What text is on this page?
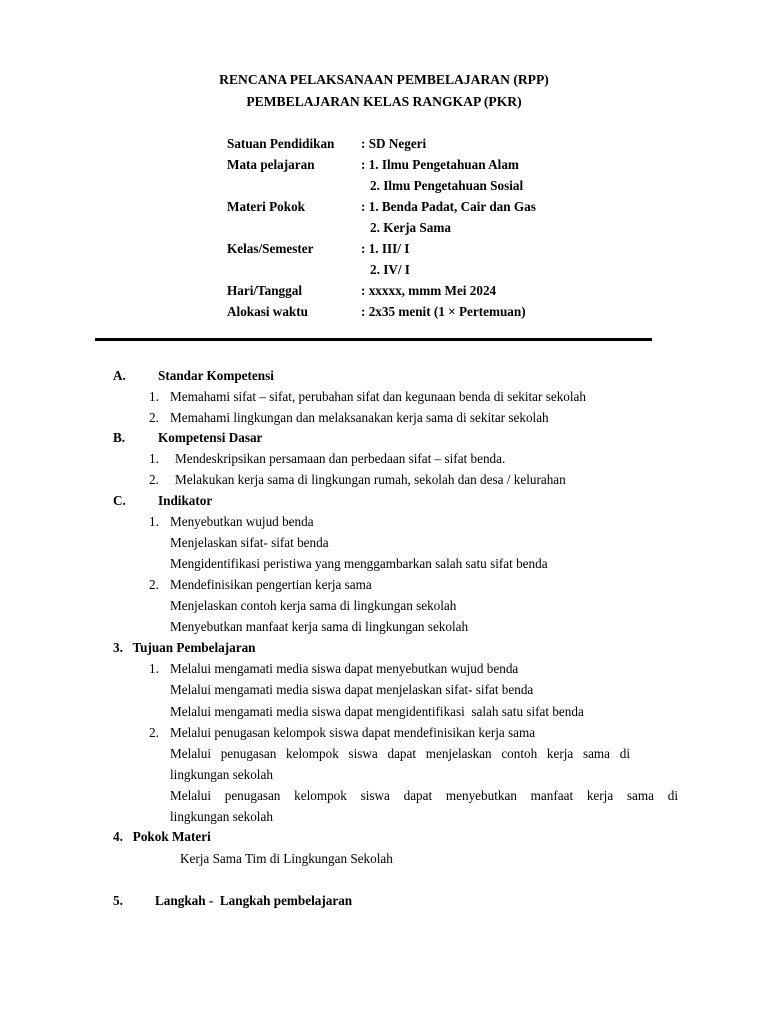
RENCANA PELAKSANAAN PEMBELAJARAN (RPP)
PEMBELAJARAN KELAS RANGKAP (PKR)
Satuan Pendidikan : SD Negeri
Mata pelajaran	: 1. Ilmu Pengetahuan Alam
2. Ilmu Pengetahuan Sosial
Materi Pokok	: 1. Benda Padat, Cair dan Gas
2. Kerja Sama
Kelas/Semester	: 1. III/ I
2. IV/ I
Hari/Tanggal	: xxxxx, mmm Mei 2024
Alokasi waktu	: 2x35 menit (1 × Pertemuan)
A. Standar Kompetensi
1. Memahami sifat – sifat, perubahan sifat dan kegunaan benda di sekitar sekolah
2. Memahami lingkungan dan melaksanakan kerja sama di sekitar sekolah
B. Kompetensi Dasar
1. Mendeskripsikan persamaan dan perbedaan sifat – sifat benda.
2. Melakukan kerja sama di lingkungan rumah, sekolah dan desa / kelurahan
C. Indikator
1. Menyebutkan wujud benda
Menjelaskan sifat- sifat benda
Mengidentifikasi peristiwa yang menggambarkan salah satu sifat benda
2. Mendefinisikan pengertian kerja sama
Menjelaskan contoh kerja sama di lingkungan sekolah
Menyebutkan manfaat kerja sama di lingkungan sekolah
3.   Tujuan Pembelajaran
1. Melalui mengamati media siswa dapat menyebutkan wujud benda
Melalui mengamati media siswa dapat menjelaskan sifat- sifat benda
Melalui mengamati media siswa dapat mengidentifikasi  salah satu sifat benda
2. Melalui penugasan kelompok siswa dapat mendefinisikan kerja sama
Melalui penugasan kelompok siswa dapat menjelaskan contoh kerja sama di
lingkungan sekolah
Melalui penugasan kelompok siswa dapat menyebutkan manfaat kerja sama di
lingkungan sekolah
4.   Pokok Materi
Kerja Sama Tim di Lingkungan Sekolah
5. Langkah -  Langkah pembelajaran
